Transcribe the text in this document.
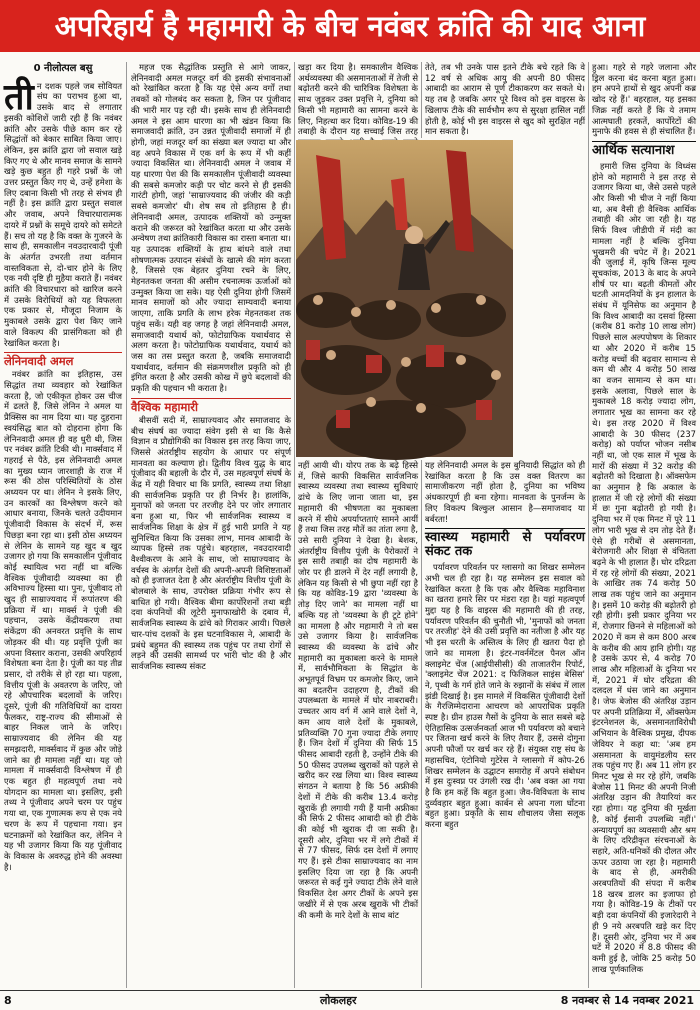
अपरिहार्य है महामारी के बीच नवंबर क्रांति की याद आना
0 नीलोत्पल बसु

तीन दशक पहले जब सोवियत संघ का पराभव हुआ था, उसके बाद से लगातार इसकी कोशिशें जारी रही हैं कि नवंबर क्रांति और उसके पीछे काम कर रहे सिद्धांतों को बेकार साबित किया जाए। लेकिन, इस क्रांति द्वारा जो सवाल खड़े किए गए थे और मानव समाज के सामने खड़े कुछ बहुत ही गहरे प्रश्नों के जो उत्तर प्रस्तुत किए गए थे, उन्हें हमेशा के लिए दबाना किसी भी तरह से संभव ही नहीं है। इस क्रांति द्वारा प्रस्तुत सवाल और जवाब, अपने विचारधारात्मक दायरे में प्रश्नों के समूचे दायरे को समेटते हैं। सच तो यह है कि वक्त के गुजरने के साथ ही, समकालीन नवउदारवादी पूंजी के अंतर्गत उभरती तथा वर्तमान वास्तविकता से, दो-चार होने के लिए एक नयी दृष्टि ही मुहैया कराते हैं। नवंबर क्रांति की विचारधारा को खारिज करने में उसके विरोधियों को यह विफलता एक प्रकार से, मौजूदा निजाम के मुकाबले उसके द्वारा पेश किए जाने वाले विकल्प की प्रासंगिकता को ही रेखांकित करता है।

लेनिनवादी अमल

नवंबर क्रांति का इतिहास, उस सिद्धांत तथा व्यवहार को रेखांकित करता है, जो एकीकृत होकर उस चीज में ढलते हैं, जिसे लेनिन ने अमल या प्रैक्सिस का नाम दिया था। यह दुहराना स्वयंसिद्ध बात को दोहराना होगा कि लेनिनवादी अमल ही वह धुरी थी, जिस पर नवंबर क्रांति टिकी थी। मार्क्सवाद में गहराई से पैठे, इस लेनिनवादी अमल का मुख्य ध्यान जारशाही के राज में रूस की ठोस परिस्थितियों के ठोस अध्ययन पर था। लेनिन ने इसके लिए, उन कारकों का विश्लेषण करने को आधार बनाया, जिनके चलते उदीयमान पूंजीवादी विकास के संदर्भ में, रूस पिछड़ा बना रहा था। इसी ठोस अध्ययन से लेनिन के सामने यह खुद ब खुद उजागर हो गया कि समकालीन पूंजीवाद कोई स्थायित्व भरा नहीं था बल्कि वैश्विक पूंजीवादी व्यवस्था का ही अविभाज्य हिस्सा था। पुनः, पूंजीवाद तो खुद ही साम्राज्यवाद में रूपांतरण की प्रक्रिया में था। मार्क्स ने पूंजी की पहचान, उसके केंद्रीयकरण तथा संकेंद्रण की अनवरत प्रवृत्ति के साथ जोड़कर की थी। यह प्रवृत्ति पूंजी का अपना विस्तार कराना, उसकी अपरिहार्य विशेषता बना देता है। पूंजी का यह तीव्र प्रसार, दो तरीके से हो रहा था। पहला, वित्तीय पूंजी के अवतरण के जरिए, जो रहे औपचारिक बदलावों के जरिए। दूसरे, पूंजी की गतिविधियों का दायरा फैलकर, राष्ट्र-राज्य की सीमाओं से बाहर निकल जाने के जरिए। साम्राज्यवाद की लेनिन की यह समझदारी, मार्क्सवाद में कुछ और जोड़े जाने का ही मामला नहीं था। यह जो मामला में मार्क्सवादी विश्लेषण में ही एक बहुत ही महत्वपूर्ण तथा नये योगदान का मामला था। इसलिए, इसी तथ्य ने पूंजीवाद अपने चरम पर पहुंच गया था, एक गुणात्मक रूप से एक नये चरण के रूप में पहचाना गया। इन घटनाक्रमों को रेखांकित कर, लेनिन ने यह भी उजागर किया कि यह पूंजीवाद के विकास के अवरुद्ध होने की अवस्था है।

महज एक सैद्धांतिक प्रस्तुति से आगे जाकर, लेनिनवादी अमल मजदूर वर्ग की इसकी संभावनाओं को रेखांकित करता है कि यह ऐसे अन्य वर्गों तथा तबकों को गोलबंद कर सकता है, जिन पर पूंजीवाद की भारी मार पड़ रही थी। इसके साथ ही लेनिनवादी अमल ने इस आम धारणा का भी खंडन किया कि समाजवादी क्रांति, उन उन्नत पूंजीवादी समाजों में ही होगी, जहां मजदूर वर्ग का संख्या बल ज्यादा था और वह अपने विकास में एक वर्ग के रूप में भी कहीं ज्यादा विकसित था। लेनिनवादी अमल ने जवाब में यह धारणा पेश की कि समकालीन पूंजीवादी व्यवस्था की सबसे कमजोर कड़ी पर चोट करने से ही इसकी गारंटी होगी, जहां 'साम्राज्यवाद की जंजीर की कड़ी सबसे कमजोर' थी। शेष सब तो इतिहास है ही। लेनिनवादी अमल, उत्पादक शक्तियों को उन्मुक्त कराने की जरूरत को रेखांकित करता था और उसके अन्वेषण तथा क्रांतिकारी विकास का रास्ता बनाता था। यह उत्पादक शक्तियों के हाथ बांधने वाले तथा शोषणात्मक उत्पादन संबंधों के खात्मे की मांग करता है, जिससे एक बेहतर दुनिया रचने के लिए, मेहनतकश जनता की असीम रचनात्मक ऊर्जाओं को उन्मुक्त किया जा सके। यह ऐसी दुनिया होगी जिसमें मानव समाजों को और ज्यादा साम्यवादी बनाया जाएगा, ताकि प्रगति के लाभ हरेक मेहनतकश तक पहुंच सकें। यही वह जगह है जहां लेनिनवादी अमल, समाजवादी यथार्थ को, फोटोग्राफिक यथार्थवाद से अलग करता है। फोटोग्राफिक यथार्थवाद, यथार्थ को जस का तस प्रस्तुत करता है, जबकि समाजवादी यथार्थवाद, वर्तमान की संक्रमणशील प्रकृति को ही इंगित करता है और उसकी कोख में छुपे बदलावों की प्रकृति की पहचान भी कराता है।

वैश्विक महामारी

बीसवीं सदी में, साम्राज्यवाद और समाजवाद के बीच संघर्ष का ज्यादा संवेग इसी से था कि कैसे विज्ञान व प्रौद्योगिकी का विकास इस तरह किया जाए, जिससे अंतर्राष्ट्रीय सहयोग के आधार पर संपूर्ण मानवता का कल्याण हो। द्वितीय विश्व युद्ध के बाद पूंजीवाद की बहाली के दौर में, उस महत्वपूर्ण संघर्ष के केंद्र में यही विचार था कि प्रगति, स्वास्थ्य तथा शिक्षा की सार्वजनिक प्रकृति पर ही निर्भर है। हालांकि, मुनाफों को जनता पर तरजीह देने पर जोर लगातार बना हुआ था, फिर भी सार्वजनिक स्वास्थ्य व सार्वजनिक शिक्षा के क्षेत्र में हुई भारी प्रगति ने यह सुनिश्चित किया कि उसका लाभ, मानव आबादी के व्यापक हिस्से तक पहुंचे। बहरहाल, नवउदारवादी वैश्वीकरण के आने के साथ, जो साम्राज्यवाद के वर्चस्व के अंतर्गत देशों की अपनी-अपनी विशिष्टताओं को ही इजाजत देता है और अंतर्राष्ट्रीय वित्तीय पूंजी के बोलबाले के साथ, उपरोक्त प्रक्रिया गंभीर रूप से बाधित हो गयी। वैश्विक बीमा कार्पोरेशनों तथा बड़ी दवा कंपनियों की लूटेरी मुनाफाखोरी के दबाव में, सार्वजनिक स्वास्थ्य के ढांचे को गिराकर आयी। पिछले चार-पांच दशकों के इस घटनाविकास ने, आबादी के प्रबंधे बहुमत की स्वास्थ्य तक पहुंच पर तथा रोगों से लड़ने की उसकी सामर्थ्य पर भारी चोट की है और सार्वजनिक स्वास्थ्य संकट

खड़ा कर दिया है। समकालीन वैश्विक अर्थव्यवस्था की असमानताओं में तेजी से बढ़ोतरी करने की चारित्रिक विशेषता के साथ जुड़कर उक्त प्रवृत्ति ने, दुनिया को किसी भी महामारी का सामना करने के लिए, निहत्था कर दिया। कोविड-19 की तबाही के दौरान यह सच्चाई जिस तरह

तेते, तब भी उनके पास इतने टीके बचे रहते कि वे 12 वर्ष से अधिक आयु की अपनी 80 फीसद आबादी का आराम से पूर्ण टीकाकरण कर सकते थे। यह तब है जबकि अगर पूरे विश्व को इस वाइरस के खिलाफ टीके की सार्वभौम रूप से सुरक्षा हासिल नहीं होती है, कोई भी इस वाइरस से खुद को सुरक्षित नहीं मान सकता है।

नहीं आयी थी। योरप तक के बढ़े हिस्से में, जिसे काफी विकसित सार्वजनिक स्वास्थ्य व्यवस्था तथा स्वास्थ्य सुविधाएं ढांचे के लिए जाना जाता था, इस महामारी की भीषणता का मुकाबला करने में सीधे अपर्याप्तताएं सामने आयीं हैं तथा जिस तरह मौतें का तांता लगा है, उसे सारी दुनिया ने देखा है। बेशक, अंतर्राष्ट्रीय वित्तीय पूंजी के पैरोकारों ने इस सारी तबाही का दोष महामारी के जोर पर ही डालने में देर नहीं लगायी है, लेकिन यह किसी से भी छुपा नहीं रहा है कि यह कोविड-19 द्वारा 'व्यवस्था के तोड़ दिए जाने' का मामला नहीं था बल्कि यह तो 'व्यवस्था के ही टूटे होने' का मामला है और महामारी ने तो बस उसे उजागर किया है। सार्वजनिक स्वास्थ्य की व्यवस्था के ढांचे और महामारी का मुकाबला करने के मामले में, सार्वभौमिकता के सिद्धांत के अभूतपूर्व विभ्रम पर कमजोर किए, जाने का बदतरीन उदाहरण है, टीकों की उपलब्धता के मामले में घोर नाबराबरी। उच्चतर आय वर्ग में आने वाले देशों ने, कम आय वाले देशों के मुकाबले, प्रतिव्यक्ति 70 गुना ज्यादा टीके लगाए हैं। जिन देशों में दुनिया की सिर्फ 15 फीसद आबादी रहती है, उन्होंने टीके की 50 फीसद उपलब्ध खुराकों को पहले से खरीद कर रख लिया था। विश्व स्वास्थ्य संगठन ने बताया है कि 56 अफ्रीकी देशों में टीके की करीब 13.4 करोड़ खुराकें ही लगायी गयी हैं यानी अफ्रीका की सिर्फ 2 फीसद आबादी को ही टीके की कोई भी खुराक दी जा सकी है। दूसरी ओर, दुनिया भर में लगे टीकों में से 77 फीसद, सिर्फ दस देशों में लगाए गए हैं। इसे टीका साम्राज्यवाद का नाम इसलिए दिया जा रहा है कि अपनी जरूरत से कई गुने ज्यादा टीके लेने वाले विकसित देश अगर टीकों के अपने इस जखीरे में से एक अरब खुराकें भी टीकों की कमी के मारे देशों के साथ बांट

यह लेनिनवादी अमल के इस बुनियादी सिद्धांत को ही रेखांकित करता है कि उस वक्त वितरण का सामाजीकरण नहीं होता है, दुनिया का भविष्य अंधकारपूर्ण ही बना रहेगा। मानवता के पुनर्जन्म के लिए विकल्प बिल्कुल आसान है—समाजवाद या बर्बरता!

स्वास्थ्य महामारी से पर्यावरण संकट तक

पर्यावरण परिवर्तन पर ग्लासगो का शिखर सम्मेलन अभी चल ही रहा है। यह सम्मेलन इस सवाल को रेखांकित करता है कि एक और वैश्विक महाविनाश का खतरा हमारे सिर पर मंडरा रहा है। यहां महत्वपूर्ण मुद्दा यह है कि वाइरस की महामारी की ही तरह, पर्यावरण परिवर्तन की चुनौती भी, 'मुनाफों को जनता पर तरजीह' देने की उसी प्रवृत्ति का नतीजा है और यह भी इस धरती के अस्तित्व के लिए ही खतरा पैदा हो जाने का मामला है। इंटर-गवर्नमेंटल पैनल ऑन क्लाइमेट चेंज (आईपीसीसी) की ताजातरीन रिपोर्ट, 'क्लाइमेट चेंज 2021: द फिजिकल साइंस बेसिस' ने, पृथ्वी के गर्म होते जाने के रुझानों के संबंध में लाल झंडी दिखाई है। इस मामले में विकसित पूंजीवादी देशों के गैरजिम्मेदाराना आचरण को आपराधिक प्रकृति स्पष्ट है। ग्रीन हाउस गैसों के दुनिया के सात सबसे बढ़े ऐतिहासिक उत्सर्जनकर्ता आज भी पर्यावरण को बचाने पर जितना खर्च करने के लिए तैयार हैं, उससे दोगुना अपनी फौजों पर खर्च कर रहे हैं। संयुक्त राष्ट्र संघ के महासचिव, एंटोनियो गुटेरेस ने ग्लासगो में कोप-26 शिखर सम्मेलन के उद्घाटन समारोह में अपने संबोधन में इस दुःस्वप्न पर उंगली रख दी। 'अब वक्त आ गया है कि हम कहें कि बहुत हुआ। जैव-विविधता के साथ दुर्व्यवहार बहुत हुआ। कार्बन से अपना गला घोंटना बहुत हुआ। प्रकृति के साथ शौचालय जैसा सलूक करना बहुत

हुआ। गहरे से गहरे जलाना और ड्रिल करना बंद करना बहुत हुआ। हम अपने हाथों से खुद अपनी कब्र खोद रहे हैं।' बहरहाल, यह इसका जिक्र नहीं करते हैं कि ये तमाम आत्मघाती हरकतें, कार्पोरेटों की मुनाफे की हवस से ही संचालित हैं।

आर्थिक सत्यानाश

हमारी जिस दुनिया के विध्वंस होने को महामारी ने इस तरह से उजागर किया था, जैसे उससे पहले और किसी भी चीज ने नहीं किया था, अब वैसी ही वैश्विक आर्थिक तबाही की ओर जा रही है। यह सिर्फ विश्व जीडीपी में मंदी का मामला नहीं है बल्कि दुनिया भुखमरी की चपेट में है। 2021 की जुलाई में, कृषि जिन्स मूल्य सूचकांक, 2013 के बाद के अपने शीर्ष पर था। बढ़ती कीमतों और घटती आमदनियों के इन हालात के संबंध में यूनिसेफ का अनुमान है कि विश्व आबादी का दसवां हिस्सा (करीब 81 करोड़ 10 लाख लोग) पिछले साल अल्पपोषण के शिकार था और 2020 में करीब 15 करोड़ बच्चों की बढ़वार सामान्य से कम थी और 4 करोड़ 50 लाख का वजन सामान्य से कम था। इसके अलावा, पिछले साल के मुकाबले 18 करोड़ ज्यादा लोग, लगातार भूख का सामना कर रहे थे। इस तरह 2020 में विश्व आबादी के 30 फीसद (237 करोड़) को पर्याप्त भोजन नसीब नहीं था, जो एक साल में भूख के मारों की संख्या में 32 करोड़ की बढ़ोतरी को दिखाता है। ऑक्सफेम का अनुमान है कि अकाल के हालात में जी रहे लोगों की संख्या में छः गुना बढ़ोतरी हो गयी है। दुनिया भर में एक मिनट में पूरे 11 लोग भारी भूख से दम तोड़ देते हैं। ऐसे ही गरीबों से असमानता, बेरोजगारी और शिक्षा से वंचितता बढ़ने के भी हालात हैं। घोर दरिद्रता में रह रहे लोगों की संख्या, 2021 के आखिर तक 74 करोड़ 50 लाख तक पहुंच जाने का अनुमान है। इसमें 10 करोड़ की बढ़ोतरी हो रही होगी। इसी प्रकार दुनिया भर में, रोजगार छिनने से महिलाओं को 2020 में कम से कम 800 अरब के करीब की आय हानि होगी। यह है उसके ऊपर से, 4 करोड़ 70 लाख और महिलाओं के दुनिया भर में, 2021 में घोर दरिद्रता की दलदल में धंस जाने का अनुमान है। जेफ बेजोस की अंतरिक्ष उड़ान पर अपनी प्रतिक्रिया में, ऑक्सफेम इंटरनेशनल के, असमानताविरोधी अभियान के वैश्विक प्रमुख, दीपक जेवियर ने कहा था: 'अब हम असमानता के वायुमंडलीय स्तर तक पहुंच गए हैं। अब 11 लोग हर मिनट भूख से मर रहे होंगे, जबकि बेजोस 11 मिनट की अपनी निजी अंतरिक्ष उड़ान की तैयारियां कर रहा होगा। यह दुनिया की मूर्खता है, कोई ईसानी उपलब्धि नहीं।' अन्यायपूर्ण का व्यवसायी और श्रम के लिए दरिद्रीकृत संरचनाओं के सहारे, अति-धनिकों की दौलत और ऊपर उठाया जा रहा है। महामारी के बाद से ही, अमरीकी अरबपतियों की संपदा में करीब 18 खरब डालर का इजाफा हो गया है। कोविड-19 के टीकों पर बड़ी दवा कंपनियों की इजारेदारी ने ही 9 नये अरबपति खड़े कर दिए हैं। दूसरी ओर, दुनिया भर में अब घटें में 2020 में 8.8 फीसद की कमी हुई है, जोकि 25 करोड़ 50 लाख पूर्णकालिक

8	लोकलहर	8 नवम्बर से 14 नवम्बर 2021
